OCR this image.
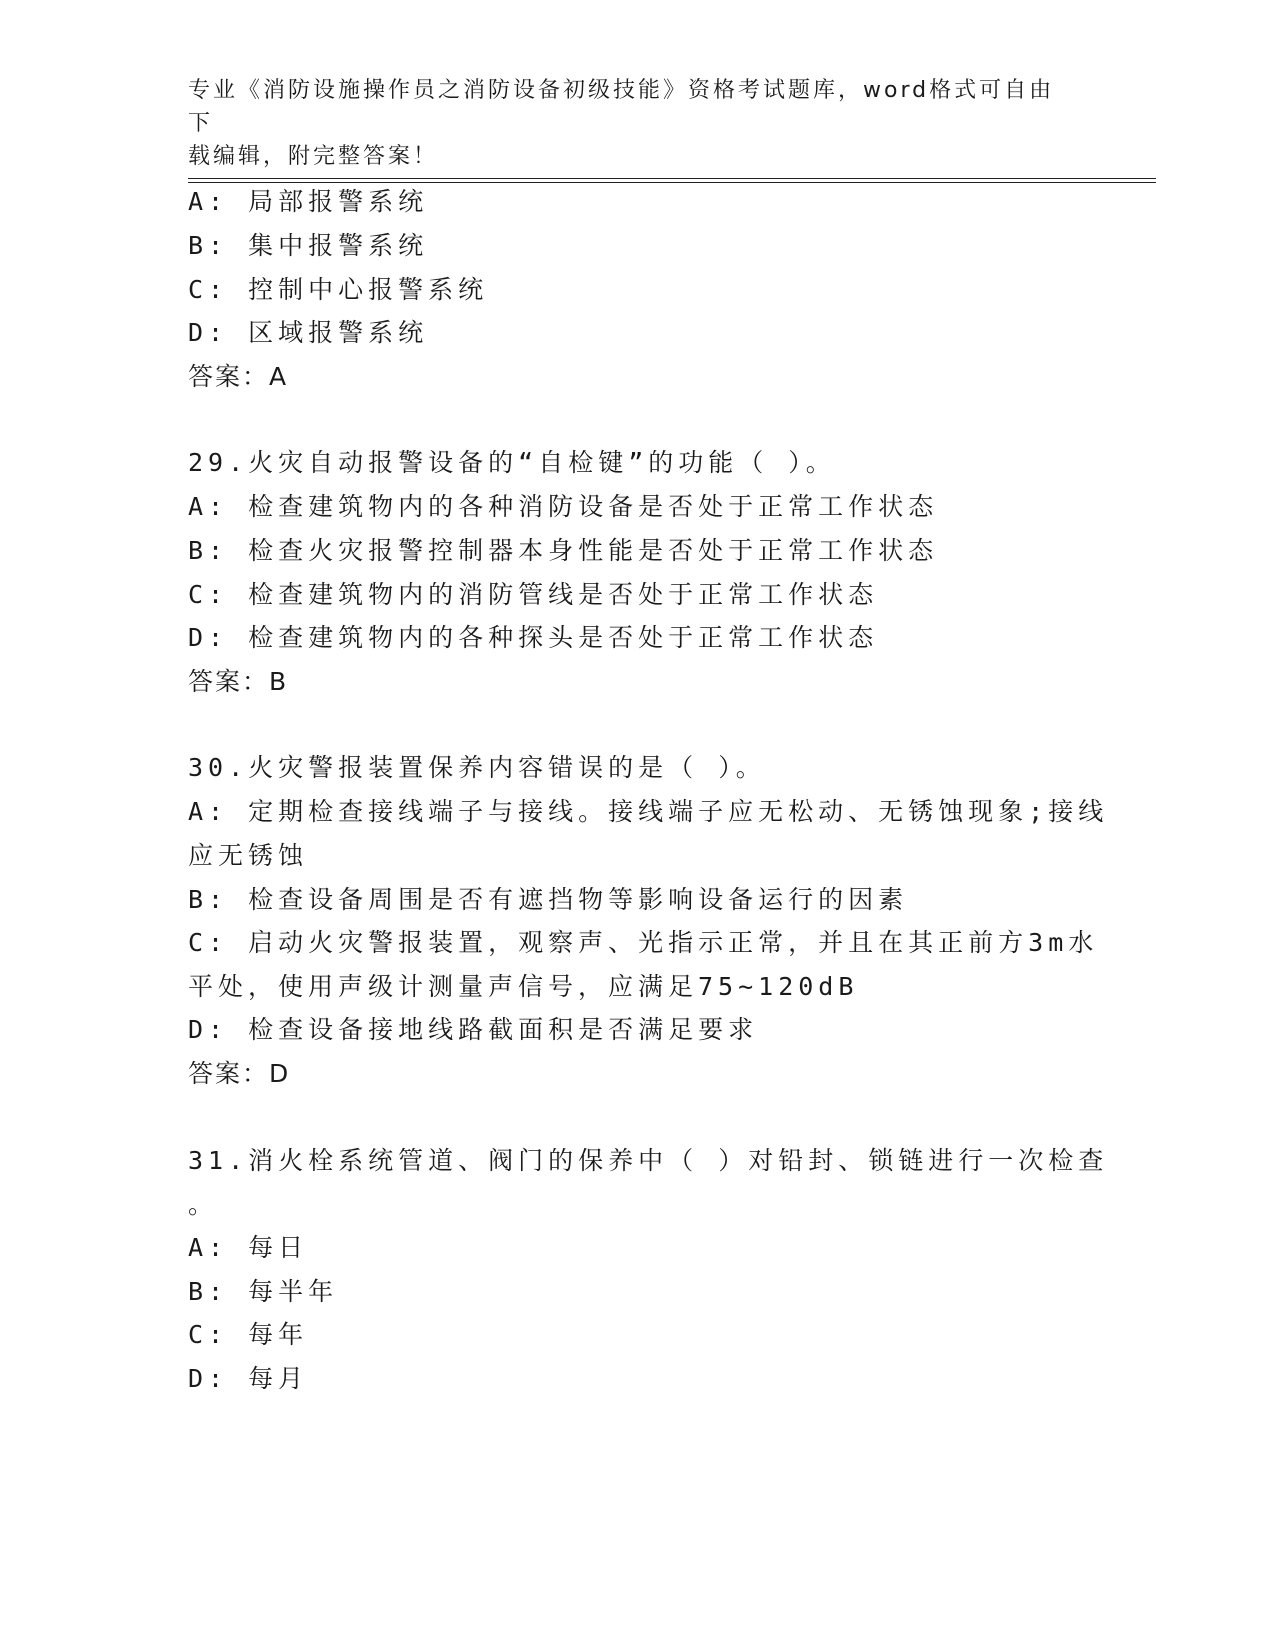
专业《消防设施操作员之消防设备初级技能》资格考试题库，word格式可自由下
载编辑，附完整答案！
A: 局部报警系统
B: 集中报警系统
C: 控制中心报警系统
D: 区域报警系统
答案：A
29.火灾自动报警设备的“自检键”的功能（ ）。
A: 检查建筑物内的各种消防设备是否处于正常工作状态
B: 检查火灾报警控制器本身性能是否处于正常工作状态
C: 检查建筑物内的消防管线是否处于正常工作状态
D: 检查建筑物内的各种探头是否处于正常工作状态
答案：B
30.火灾警报装置保养内容错误的是（ ）。
A: 定期检查接线端子与接线。接线端子应无松动、无锈蚀现象;接线
应无锈蚀
B: 检查设备周围是否有遮挡物等影响设备运行的因素
C: 启动火灾警报装置，观察声、光指示正常，并且在其正前方3m水
平处，使用声级计测量声信号，应满足75~120dB
D: 检查设备接地线路截面积是否满足要求
答案：D
31.消火栓系统管道、阀门的保养中（ ）对铅封、锁链进行一次检查
。
A: 每日
B: 每半年
C: 每年
D: 每月
